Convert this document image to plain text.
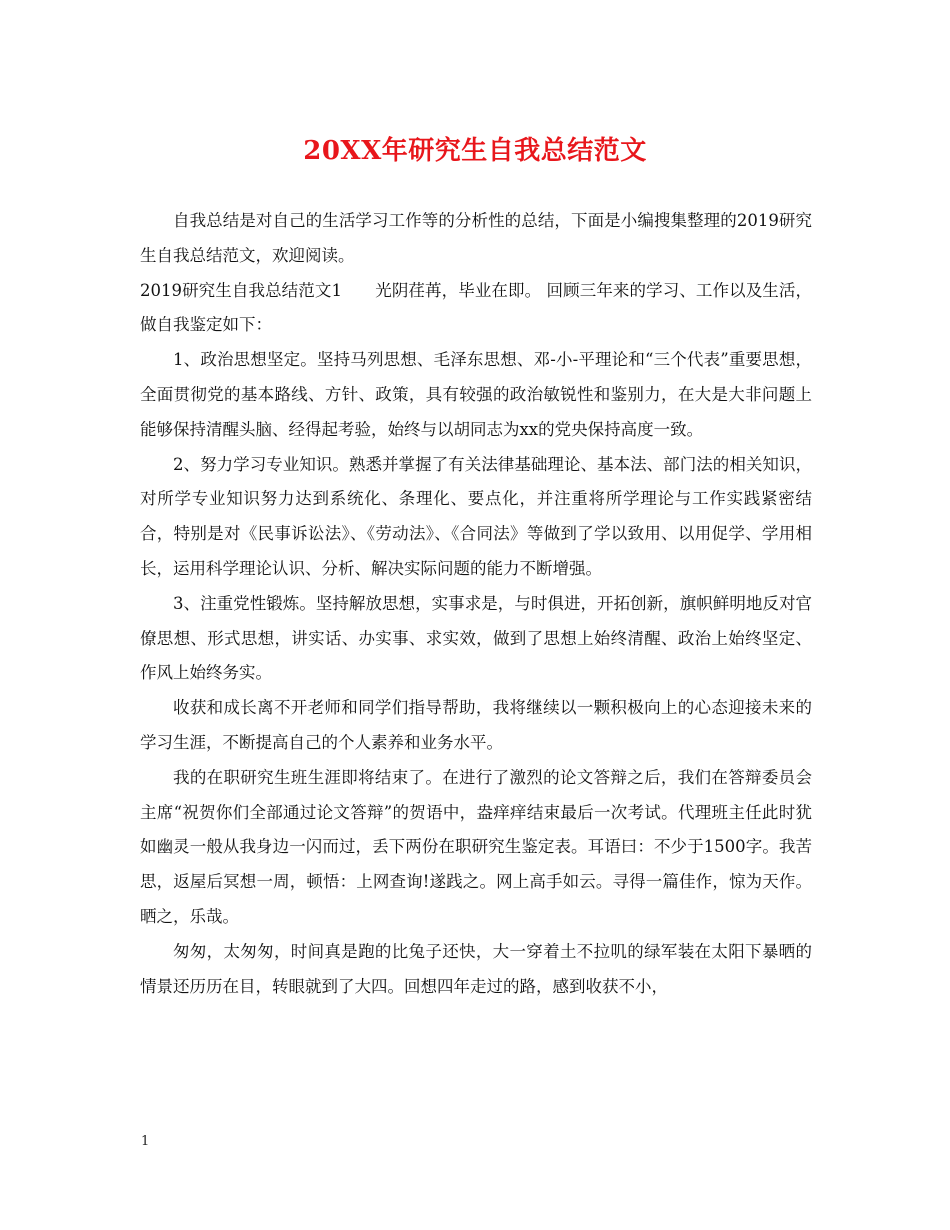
20XX年研究生自我总结范文

自我总结是对自己的生活学习工作等的分析性的总结，下面是小编搜集整理的2019研究生自我总结范文，欢迎阅读。

2019研究生自我总结范文1　　光阴荏苒，毕业在即。 回顾三年来的学习、工作以及生活，做自我鉴定如下：

1、政治思想坚定。坚持马列思想、毛泽东思想、邓-小-平理论和“三个代表”重要思想，全面贯彻党的基本路线、方针、政策，具有较强的政治敏锐性和鉴别力，在大是大非问题上能够保持清醒头脑、经得起考验，始终与以胡同志为xx的党央保持高度一致。

2、努力学习专业知识。熟悉并掌握了有关法律基础理论、基本法、部门法的相关知识，对所学专业知识努力达到系统化、条理化、要点化，并注重将所学理论与工作实践紧密结合，特别是对《民事诉讼法》、《劳动法》、《合同法》等做到了学以致用、以用促学、学用相长，运用科学理论认识、分析、解决实际问题的能力不断增强。

3、注重党性锻炼。坚持解放思想，实事求是，与时俱进，开拓创新，旗帜鲜明地反对官僚思想、形式思想，讲实话、办实事、求实效，做到了思想上始终清醒、政治上始终坚定、作风上始终务实。

收获和成长离不开老师和同学们指导帮助，我将继续以一颗积极向上的心态迎接未来的学习生涯，不断提高自己的个人素养和业务水平。

我的在职研究生班生涯即将结束了。在进行了激烈的论文答辩之后，我们在答辩委员会主席“祝贺你们全部通过论文答辩”的贺语中，盎痒痒结束最后一次考试。代理班主任此时犹如幽灵一般从我身边一闪而过，丢下两份在职研究生鉴定表。耳语曰：不少于1500字。我苦思，返屋后冥想一周，顿悟：上网查询!遂践之。网上高手如云。寻得一篇佳作，惊为天作。晒之，乐哉。

匆匆，太匆匆，时间真是跑的比兔子还快，大一穿着土不拉叽的绿军装在太阳下暴晒的情景还历历在目，转眼就到了大四。回想四年走过的路，感到收获不小，

1
